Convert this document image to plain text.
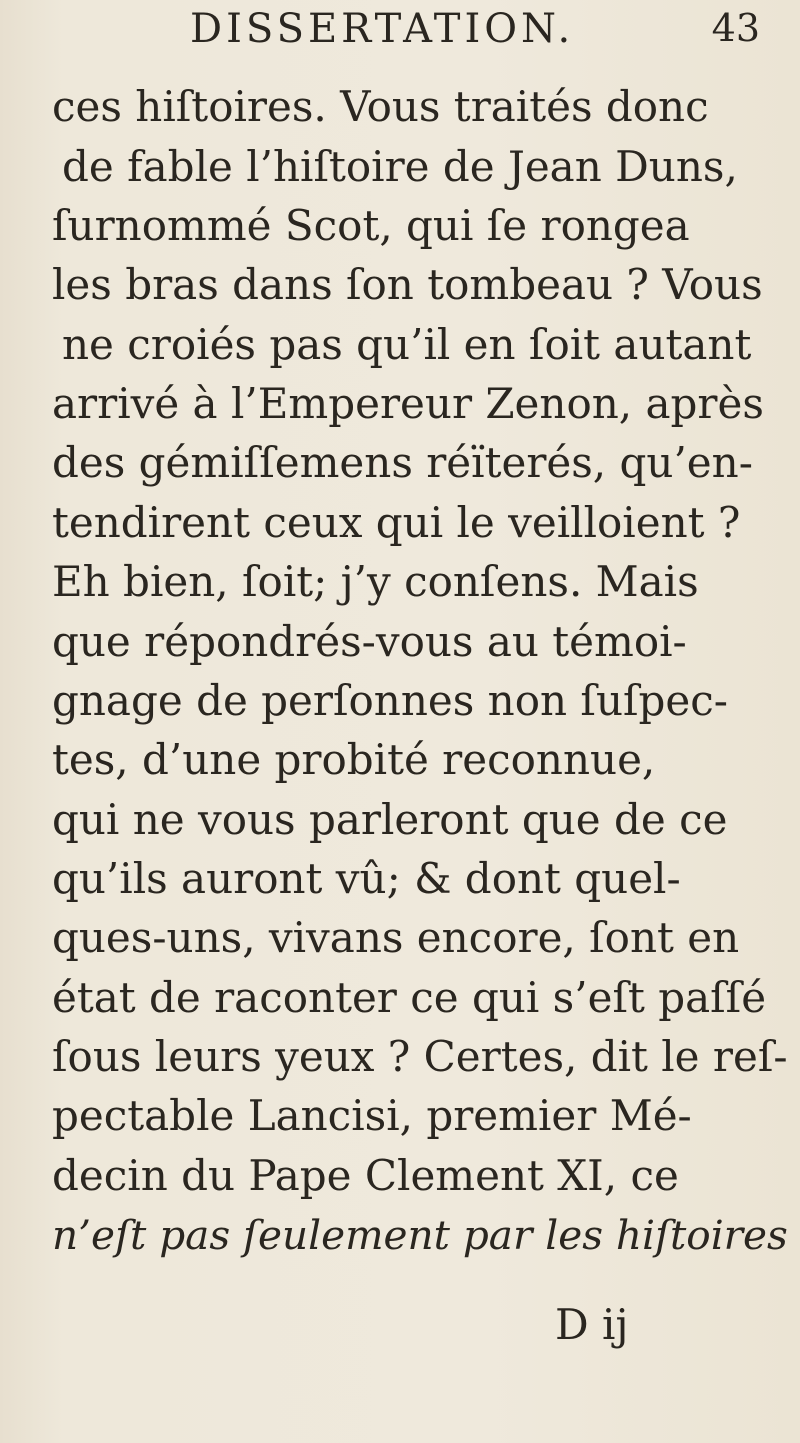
DISSERTATION.	43
ces hiſtoires. Vous traités donc
de fable l’hiſtoire de Jean Duns,
ſurnommé Scot, qui ſe rongea
les bras dans ſon tombeau ? Vous
ne croiés pas qu’il en ſoit autant
arrivé à l’Empereur Zenon, après
des gémiſſemens réïterés, qu’en-
tendirent ceux qui le veilloient ?
Eh bien, ſoit; j’y conſens. Mais
que répondrés-vous au témoi-
gnage de perſonnes non ſuſpec-
tes, d’une probité reconnue,
qui ne vous parleront que de ce
qu’ils auront vû; & dont quel-
ques-uns, vivans encore, ſont en
état de raconter ce qui s’eſt paſſé
ſous leurs yeux ? Certes, dit le reſ-
pectable Lancisi, premier Mé-
decin du Pape Clement XI, ce
n’eſt pas ſeulement par les hiſtoires
D ij
